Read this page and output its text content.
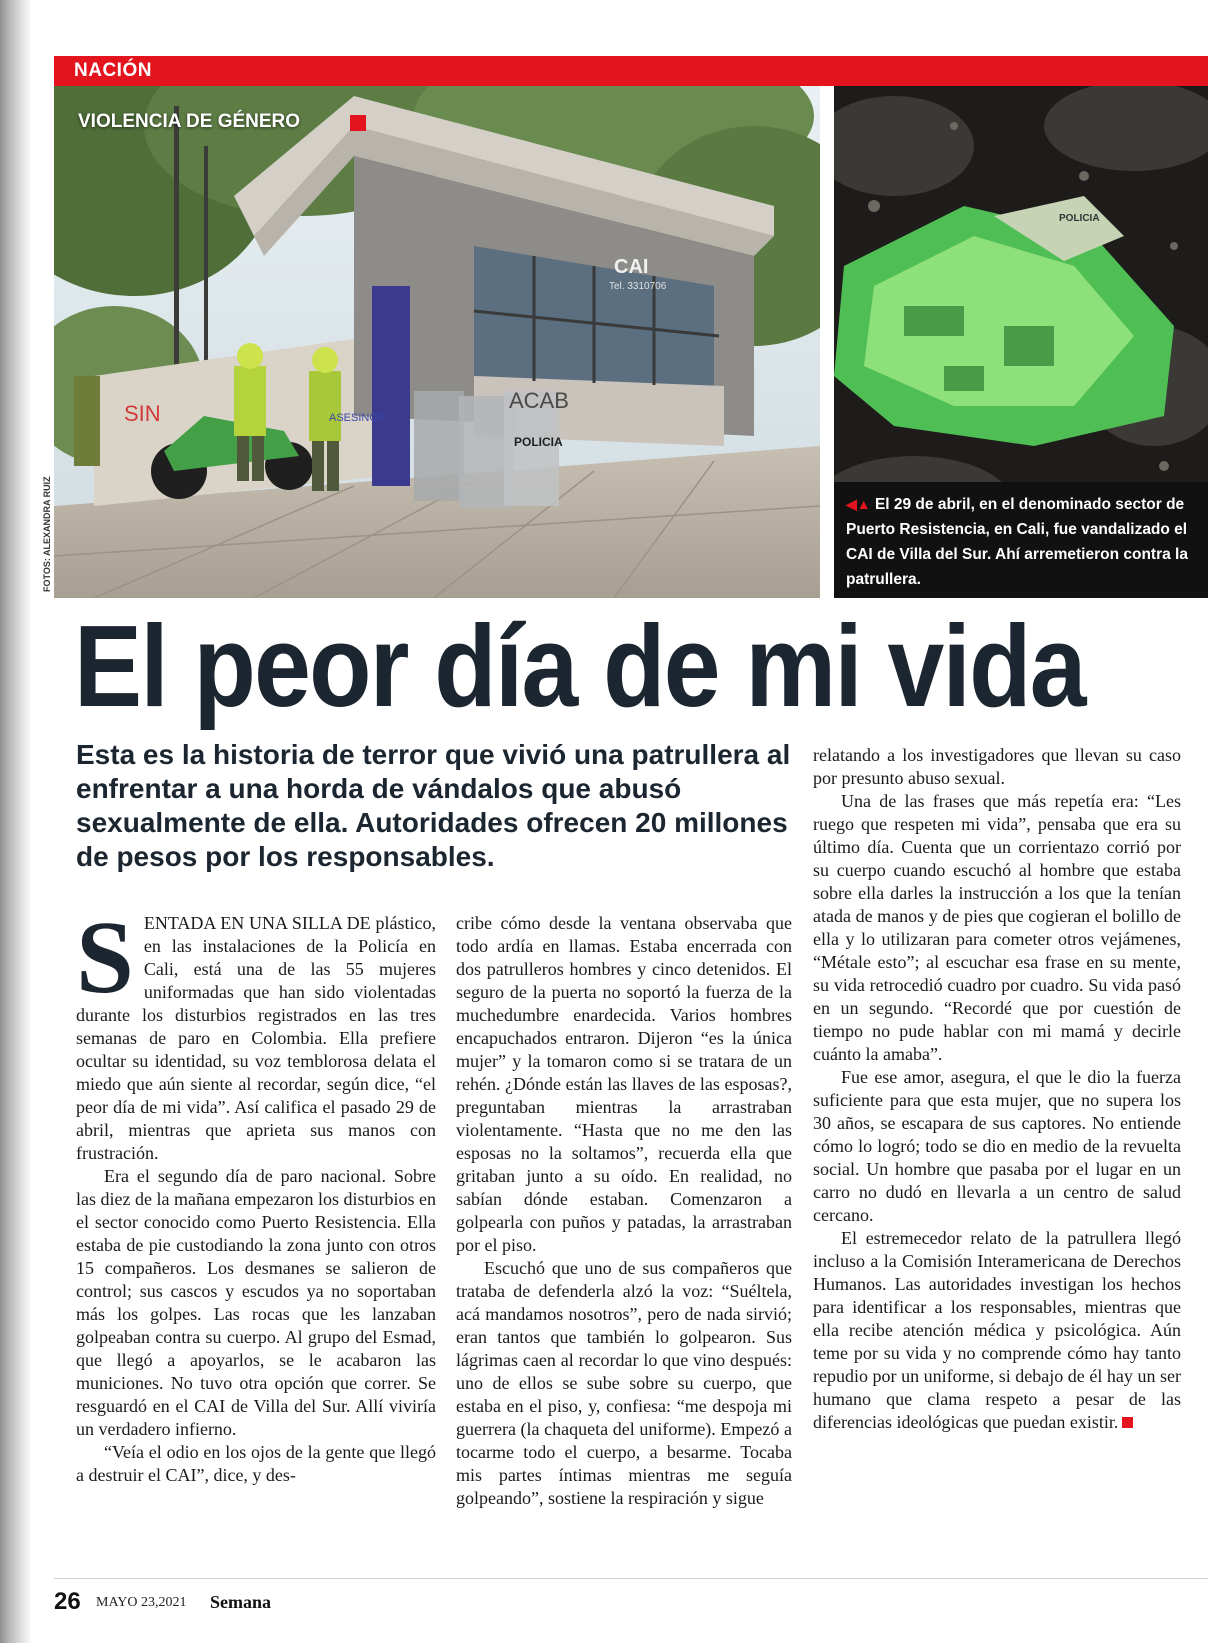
NACIÓN
CAI
Tel. 3310706
SIN
ACAB
ASESINOS
POLICIA
POLICIA
VIOLENCIA DE GÉNERO
FOTOS: ALEXANDRA RUIZ	◀▲ El 29 de abril, en el denominado sector de Puerto Resistencia, en Cali, fue vandalizado el CAI de Villa del Sur. Ahí arremetieron contra la patrullera.
El peor día de mi vida

Esta es la historia de terror que vivió una patrullera al enfrentar a una horda de vándalos que abusó sexualmente de ella. Autoridades ofrecen 20 millones de pesos por los responsables.

SENTADA EN UNA SILLA DE plástico, en las instalaciones de la Policía en Cali, está una de las 55 mujeres uniformadas que han sido violentadas durante los disturbios registrados en las tres semanas de paro en Colombia. Ella prefiere ocultar su identidad, su voz temblorosa delata el miedo que aún siente al recordar, según dice, “el peor día de mi vida”. Así califica el pasado 29 de abril, mientras que aprieta sus manos con frustración.

Era el segundo día de paro nacional. Sobre las diez de la mañana empezaron los disturbios en el sector conocido como Puerto Resistencia. Ella estaba de pie custodiando la zona junto con otros 15 compañeros. Los desmanes se salieron de control; sus cascos y escudos ya no soportaban más los golpes. Las rocas que les lanzaban golpeaban contra su cuerpo. Al grupo del Esmad, que llegó a apoyarlos, se le acabaron las municiones. No tuvo otra opción que correr. Se resguardó en el CAI de Villa del Sur. Allí viviría un verdadero infierno.

“Veía el odio en los ojos de la gente que llegó a destruir el CAI”, dice, y des-

cribe cómo desde la ventana observaba que todo ardía en llamas. Estaba encerrada con dos patrulleros hombres y cinco detenidos. El seguro de la puerta no soportó la fuerza de la muchedumbre enardecida. Varios hombres encapuchados entraron. Dijeron “es la única mujer” y la tomaron como si se tratara de un rehén. ¿Dónde están las llaves de las esposas?, preguntaban mientras la arrastraban violentamente. “Hasta que no me den las esposas no la soltamos”, recuerda ella que gritaban junto a su oído. En realidad, no sabían dónde estaban. Comenzaron a golpearla con puños y patadas, la arrastraban por el piso.

Escuchó que uno de sus compañeros que trataba de defenderla alzó la voz: “Suéltela, acá mandamos nosotros”, pero de nada sirvió; eran tantos que también lo golpearon. Sus lágrimas caen al recordar lo que vino después: uno de ellos se sube sobre su cuerpo, que estaba en el piso, y, confiesa: “me despoja mi guerrera (la chaqueta del uniforme). Empezó a tocarme todo el cuerpo, a besarme. Tocaba mis partes íntimas mientras me seguía golpeando”, sostiene la respiración y sigue

relatando a los investigadores que llevan su caso por presunto abuso sexual.

Una de las frases que más repetía era: “Les ruego que respeten mi vida”, pensaba que era su último día. Cuenta que un corrientazo corrió por su cuerpo cuando escuchó al hombre que estaba sobre ella darles la instrucción a los que la tenían atada de manos y de pies que cogieran el bolillo de ella y lo utilizaran para cometer otros vejámenes, “Métale esto”; al escuchar esa frase en su mente, su vida retrocedió cuadro por cuadro. Su vida pasó en un segundo. “Recordé que por cuestión de tiempo no pude hablar con mi mamá y decirle cuánto la amaba”.

Fue ese amor, asegura, el que le dio la fuerza suficiente para que esta mujer, que no supera los 30 años, se escapara de sus captores. No entiende cómo lo logró; todo se dio en medio de la revuelta social. Un hombre que pasaba por el lugar en un carro no dudó en llevarla a un centro de salud cercano.

El estremecedor relato de la patrullera llegó incluso a la Comisión Interamericana de Derechos Humanos. Las autoridades investigan los hechos para identificar a los responsables, mientras que ella recibe atención médica y psicológica. Aún teme por su vida y no comprende cómo hay tanto repudio por un uniforme, si debajo de él hay un ser humano que clama respeto a pesar de las diferencias ideológicas que puedan existir.

26 MAYO 23,2021 Semana
